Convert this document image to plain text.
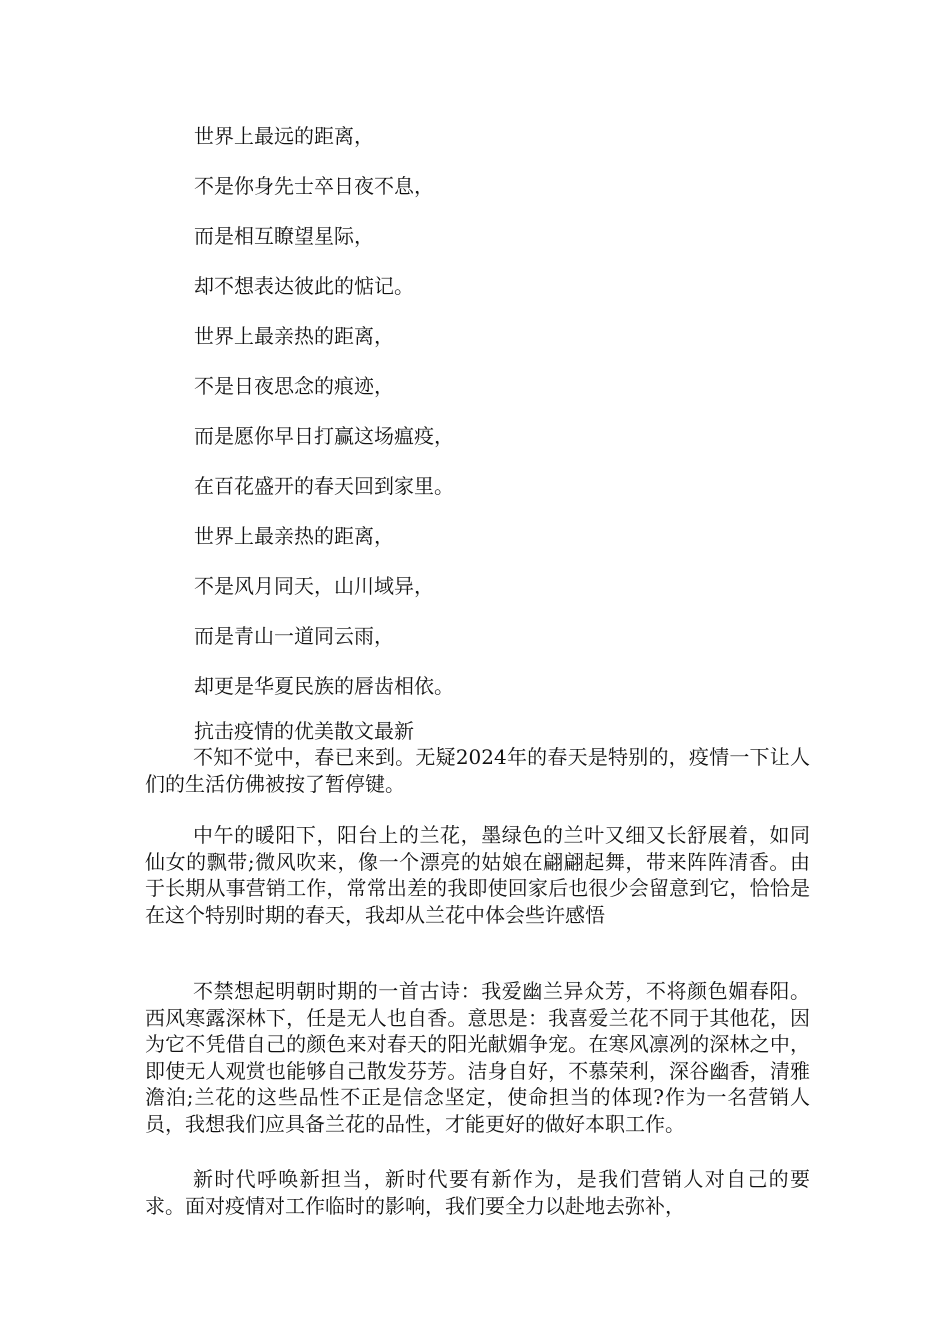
世界上最远的距离，
不是你身先士卒日夜不息，
而是相互瞭望星际，
却不想表达彼此的惦记。
世界上最亲热的距离，
不是日夜思念的痕迹，
而是愿你早日打赢这场瘟疫，
在百花盛开的春天回到家里。
世界上最亲热的距离，
不是风月同天，山川域异，
而是青山一道同云雨，
却更是华夏民族的唇齿相依。
抗击疫情的优美散文最新

不知不觉中，春已来到。无疑2024年的春天是特别的，疫情一下让人们的生活仿佛被按了暂停键。

中午的暖阳下，阳台上的兰花，墨绿色的兰叶又细又长舒展着，如同仙女的飘带;微风吹来，像一个漂亮的姑娘在翩翩起舞，带来阵阵清香。由于长期从事营销工作，常常出差的我即使回家后也很少会留意到它，恰恰是在这个特别时期的春天，我却从兰花中体会些许感悟

不禁想起明朝时期的一首古诗：我爱幽兰异众芳，不将颜色媚春阳。西风寒露深林下，任是无人也自香。意思是：我喜爱兰花不同于其他花，因为它不凭借自己的颜色来对春天的阳光献媚争宠。在寒风凛冽的深林之中，即使无人观赏也能够自己散发芬芳。洁身自好，不慕荣利，深谷幽香，清雅澹泊;兰花的这些品性不正是信念坚定，使命担当的体现?作为一名营销人员，我想我们应具备兰花的品性，才能更好的做好本职工作。

新时代呼唤新担当，新时代要有新作为，是我们营销人对自己的要求。面对疫情对工作临时的影响，我们要全力以赴地去弥补，
